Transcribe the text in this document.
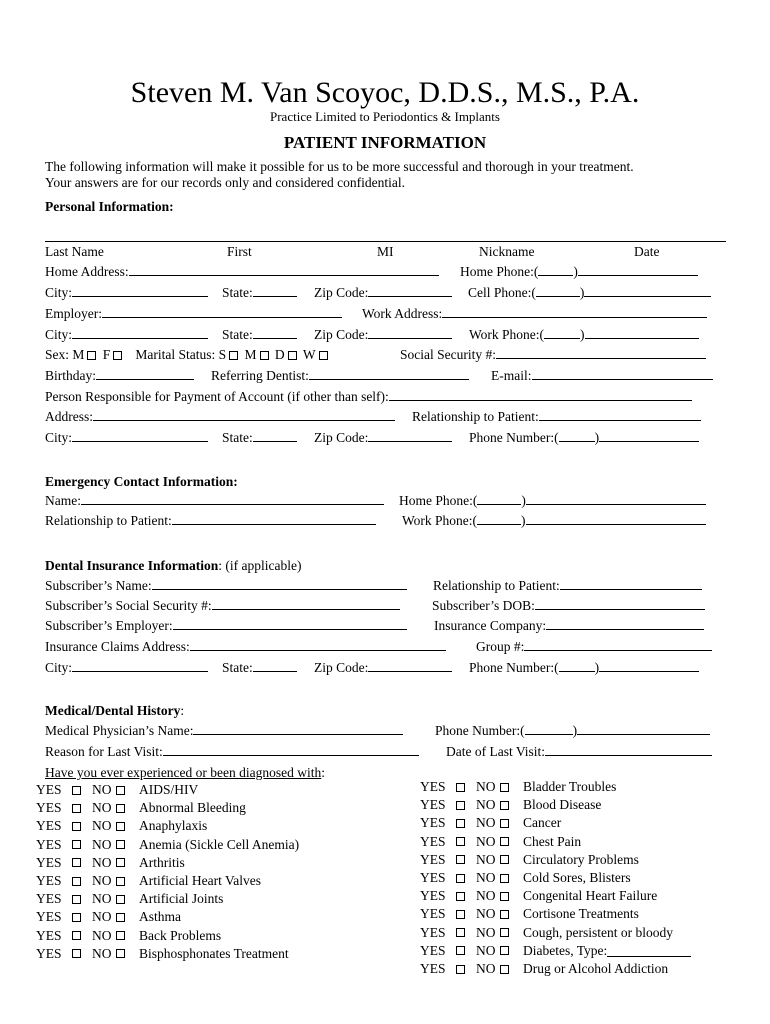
Steven M. Van Scoyoc, D.D.S., M.S., P.A.
Practice Limited to Periodontics & Implants
PATIENT INFORMATION
The following information will make it possible for us to be more successful and thorough in your treatment.
Your answers are for our records only and considered confidential.
Personal Information:
Last Name	First	MI	Nickname	Date
Home Address:	Home Phone:(	)
City:	State:	Zip Code:	Cell Phone:(	)
Employer:	Work Address:
City:	State:	Zip Code:	Work Phone:(	)
Sex: M F Marital Status: S M D W	Social Security #:
Birthday:	Referring Dentist:	E-mail:
Person Responsible for Payment of Account (if other than self):
Address:	Relationship to Patient:
City:	State:	Zip Code:	Phone Number:(	)
Emergency Contact Information:
Name:	Home Phone:(	)
Relationship to Patient:	Work Phone:(	)
Dental Insurance Information: (if applicable)
Subscriber’s Name:	Relationship to Patient:
Subscriber’s Social Security #:	Subscriber’s DOB:
Subscriber’s Employer:	Insurance Company:
Insurance Claims Address:	Group #:
City:	State:	Zip Code:	Phone Number:(	)
Medical/Dental History:
Medical Physician’s Name:	Phone Number:(	)
Reason for Last Visit:	Date of Last Visit:
Have you ever experienced or been diagnosed with:
YES NO	AIDS/HIV
YES NO	Abnormal Bleeding
YES NO	Anaphylaxis
YES NO	Anemia (Sickle Cell Anemia)
YES NO	Arthritis
YES NO	Artificial Heart Valves
YES NO	Artificial Joints
YES NO	Asthma
YES NO	Back Problems
YES NO	Bisphosphonates Treatment
YES NO	Bladder Troubles
YES NO	Blood Disease
YES NO	Cancer
YES NO	Chest Pain
YES NO	Circulatory Problems
YES NO	Cold Sores, Blisters
YES NO	Congenital Heart Failure
YES NO	Cortisone Treatments
YES NO	Cough, persistent or bloody
YES NO	Diabetes, Type:
YES NO	Drug or Alcohol Addiction
